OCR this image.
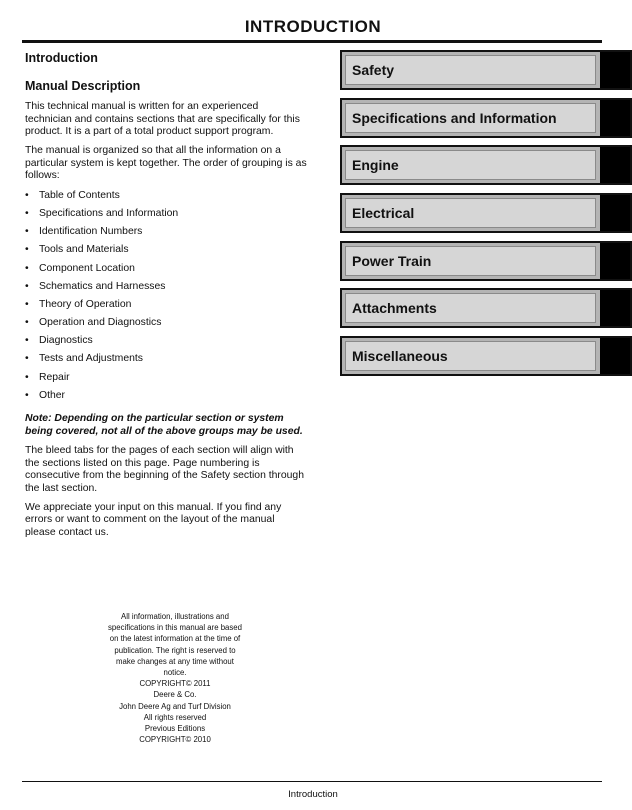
INTRODUCTION
Introduction
Manual Description

This technical manual is written for an experienced technician and contains sections that are specifically for this product. It is a part of a total product support program.

The manual is organized so that all the information on a particular system is kept together. The order of grouping is as follows:

• Table of Contents
• Specifications and Information
• Identification Numbers
• Tools and Materials
• Component Location
• Schematics and Harnesses
• Theory of Operation
• Operation and Diagnostics
• Diagnostics
• Tests and Adjustments
• Repair
• Other

Note: Depending on the particular section or system being covered, not all of the above groups may be used.

The bleed tabs for the pages of each section will align with the sections listed on this page. Page numbering is consecutive from the beginning of the Safety section through the last section.

We appreciate your input on this manual. If you find any errors or want to comment on the layout of the manual please contact us.

All information, illustrations and
specifications in this manual are based
on the latest information at the time of
publication. The right is reserved to
make changes at any time without
notice.
COPYRIGHT© 2011
Deere & Co.
John Deere Ag and Turf Division
All rights reserved
Previous Editions
COPYRIGHT© 2010
Safety
Specifications and Information
Engine
Electrical
Power Train
Attachments
Miscellaneous
Introduction
